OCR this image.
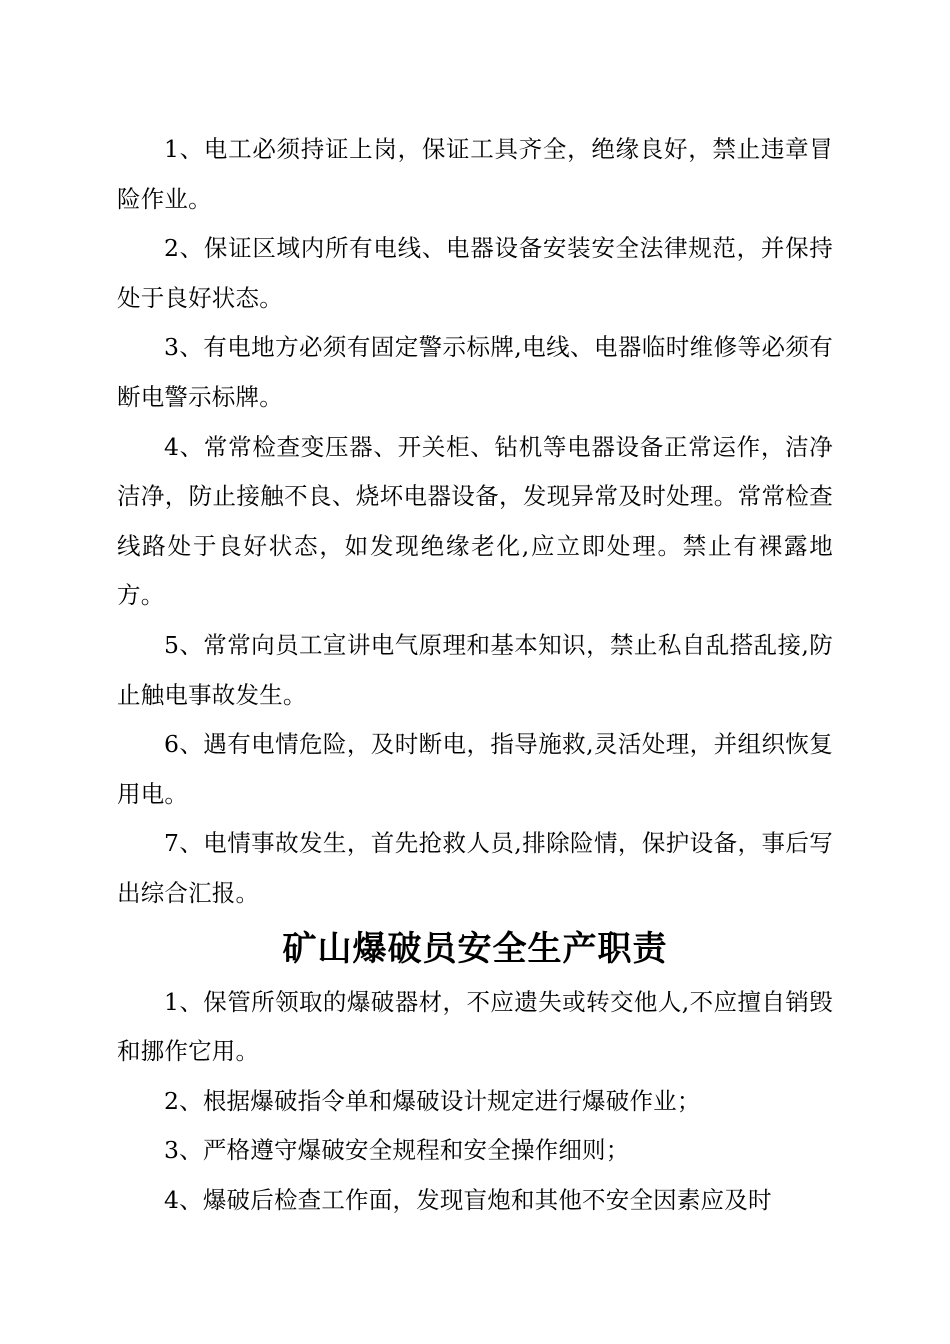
1、电工必须持证上岗，保证工具齐全，绝缘良好，禁止违章冒险作业。

2、保证区域内所有电线、电器设备安装安全法律规范，并保持处于良好状态。

3、有电地方必须有固定警示标牌,电线、电器临时维修等必须有断电警示标牌。

4、常常检查变压器、开关柜、钻机等电器设备正常运作，洁净洁净，防止接触不良、烧坏电器设备，发现异常及时处理。常常检查线路处于良好状态，如发现绝缘老化,应立即处理。禁止有裸露地方。

5、常常向员工宣讲电气原理和基本知识，禁止私自乱搭乱接,防止触电事故发生。

6、遇有电情危险，及时断电，指导施救,灵活处理，并组织恢复用电。

7、电情事故发生，首先抢救人员,排除险情，保护设备，事后写出综合汇报。

矿山爆破员安全生产职责

1、保管所领取的爆破器材，不应遗失或转交他人,不应擅自销毁和挪作它用。

2、根据爆破指令单和爆破设计规定进行爆破作业；

3、严格遵守爆破安全规程和安全操作细则；

4、爆破后检查工作面，发现盲炮和其他不安全因素应及时
